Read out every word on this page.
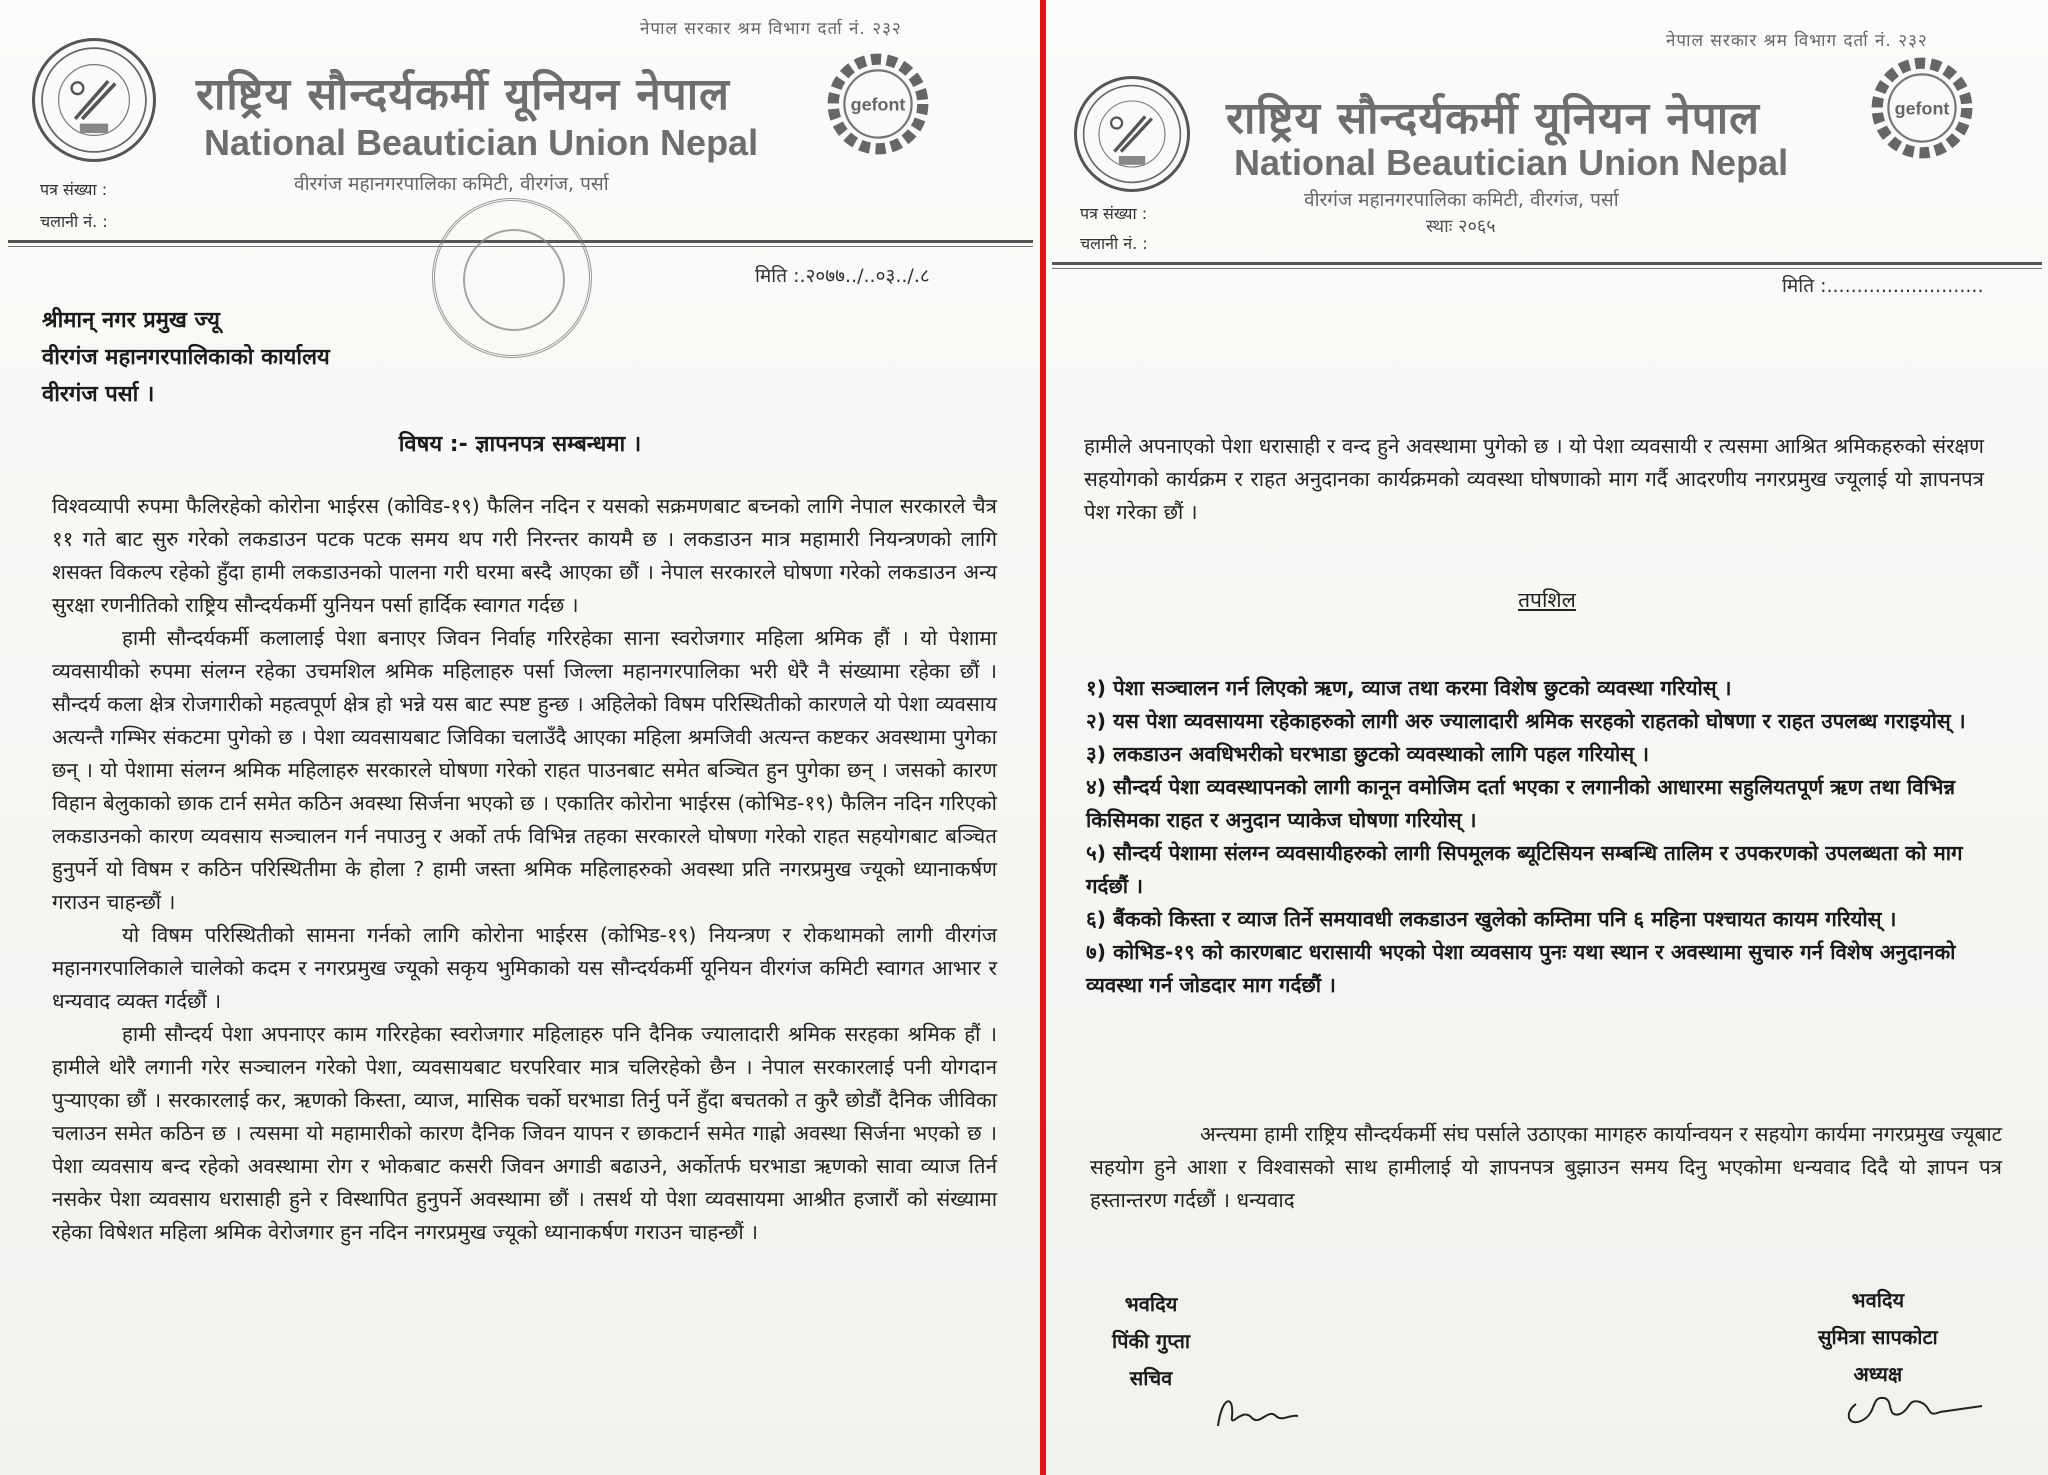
नेपाल सरकार श्रम विभाग दर्ता नं. २३२
राष्ट्रिय सौन्दर्यकर्मी यूनियन नेपाल
National Beautician Union Nepal
वीरगंज महानगरपालिका कमिटी, वीरगंज, पर्सा
gefont
पत्र संख्या :
चलानी नं. :
मिति :.२०७७../..०३../.८
श्रीमान् नगर प्रमुख ज्यू
वीरगंज महानगरपालिकाको कार्यालय
वीरगंज पर्सा ।
विषय :- ज्ञापनपत्र सम्बन्धमा ।

विश्वव्यापी रुपमा फैलिरहेको कोरोना भाईरस (कोविड-१९) फैलिन नदिन र यसको सक्रमणबाट बच्नको लागि नेपाल सरकारले चैत्र ११ गते बाट सुरु गरेको लकडाउन पटक पटक समय थप गरी निरन्तर कायमै छ । लकडाउन मात्र महामारी नियन्त्रणको लागि शसक्त विकल्प रहेको हुँदा हामी लकडाउनको पालना गरी घरमा बस्दै आएका छौं । नेपाल सरकारले घोषणा गरेको लकडाउन अन्य सुरक्षा रणनीतिको राष्ट्रिय सौन्दर्यकर्मी युनियन पर्सा हार्दिक स्वागत गर्दछ ।

हामी सौन्दर्यकर्मी कलालाई पेशा बनाएर जिवन निर्वाह गरिरहेका साना स्वरोजगार महिला श्रमिक हौं । यो पेशामा व्यवसायीको रुपमा संलग्न रहेका उचमशिल श्रमिक महिलाहरु पर्सा जिल्ला महानगरपालिका भरी धेरै नै संख्यामा रहेका छौं । सौन्दर्य कला क्षेत्र रोजगारीको महत्वपूर्ण क्षेत्र हो भन्ने यस बाट स्पष्ट हुन्छ । अहिलेको विषम परिस्थितीको कारणले यो पेशा व्यवसाय अत्यन्तै गम्भिर संकटमा पुगेको छ । पेशा व्यवसायबाट जिविका चलाउँदै आएका महिला श्रमजिवी अत्यन्त कष्टकर अवस्थामा पुगेका छन् । यो पेशामा संलग्न श्रमिक महिलाहरु सरकारले घोषणा गरेको राहत पाउनबाट समेत बञ्चित हुन पुगेका छन् । जसको कारण विहान बेलुकाको छाक टार्न समेत कठिन अवस्था सिर्जना भएको छ । एकातिर कोरोना भाईरस (कोभिड-१९) फैलिन नदिन गरिएको लकडाउनको कारण व्यवसाय सञ्चालन गर्न नपाउनु र अर्को तर्फ विभिन्न तहका सरकारले घोषणा गरेको राहत सहयोगबाट बञ्चित हुनुपर्ने यो विषम र कठिन परिस्थितीमा के होला ? हामी जस्ता श्रमिक महिलाहरुको अवस्था प्रति नगरप्रमुख ज्यूको ध्यानाकर्षण गराउन चाहन्छौं ।

यो विषम परिस्थितीको सामना गर्नको लागि कोरोना भाईरस (कोभिड-१९) नियन्त्रण र रोकथामको लागी वीरगंज महानगरपालिकाले चालेको कदम र नगरप्रमुख ज्यूको सकृय भुमिकाको यस सौन्दर्यकर्मी यूनियन वीरगंज कमिटी स्वागत आभार र धन्यवाद व्यक्त गर्दछौं ।

हामी सौन्दर्य पेशा अपनाएर काम गरिरहेका स्वरोजगार महिलाहरु पनि दैनिक ज्यालादारी श्रमिक सरहका श्रमिक हौं । हामीले थोरै लगानी गरेर सञ्चालन गरेको पेशा, व्यवसायबाट घरपरिवार मात्र चलिरहेको छैन । नेपाल सरकारलाई पनी योगदान पुऱ्याएका छौं । सरकारलाई कर, ऋणको किस्ता, व्याज, मासिक चर्को घरभाडा तिर्नु पर्ने हुँदा बचतको त कुरै छोडौं दैनिक जीविका चलाउन समेत कठिन छ । त्यसमा यो महामारीको कारण दैनिक जिवन यापन र छाकटार्न समेत गाह्रो अवस्था सिर्जना भएको छ । पेशा व्यवसाय बन्द रहेको अवस्थामा रोग र भोकबाट कसरी जिवन अगाडी बढाउने, अर्कोतर्फ घरभाडा ऋणको सावा व्याज तिर्न नसकेर पेशा व्यवसाय धरासाही हुने र विस्थापित हुनुपर्ने अवस्थामा छौं । तसर्थ यो पेशा व्यवसायमा आश्रीत हजारौं को संख्यामा रहेका विषेशत महिला श्रमिक वेरोजगार हुन नदिन नगरप्रमुख ज्यूको ध्यानाकर्षण गराउन चाहन्छौं ।

नेपाल सरकार श्रम विभाग दर्ता नं. २३२
राष्ट्रिय सौन्दर्यकर्मी यूनियन नेपाल
National Beautician Union Nepal
वीरगंज महानगरपालिका कमिटी, वीरगंज, पर्सा
स्थाः २०६५
gefont
पत्र संख्या :
चलानी नं. :
मिति :..........................
हामीले अपनाएको पेशा धरासाही र वन्द हुने अवस्थामा पुगेको छ । यो पेशा व्यवसायी र त्यसमा आश्रित श्रमिकहरुको संरक्षण सहयोगको कार्यक्रम र राहत अनुदानका कार्यक्रमको व्यवस्था घोषणाको माग गर्दै आदरणीय नगरप्रमुख ज्यूलाई यो ज्ञापनपत्र पेश गरेका छौं ।
तपशिल

१) पेशा सञ्चालन गर्न लिएको ऋण, व्याज तथा करमा विशेष छुटको व्यवस्था गरियोस् ।

२) यस पेशा व्यवसायमा रहेकाहरुको लागी अरु ज्यालादारी श्रमिक सरहको राहतको घोषणा र राहत उपलब्ध गराइयोस् ।

३) लकडाउन अवधिभरीको घरभाडा छुटको व्यवस्थाको लागि पहल गरियोस् ।

४) सौन्दर्य पेशा व्यवस्थापनको लागी कानून वमोजिम दर्ता भएका र लगानीको आधारमा सहुलियतपूर्ण ऋण तथा विभिन्न किसिमका राहत र अनुदान प्याकेज घोषणा गरियोस् ।

५) सौन्दर्य पेशामा संलग्न व्यवसायीहरुको लागी सिपमूलक ब्यूटिसियन सम्बन्धि तालिम र उपकरणको उपलब्धता को माग गर्दछौं ।

६) बैंकको किस्ता र व्याज तिर्ने समयावधी लकडाउन खुलेको कम्तिमा पनि ६ महिना पश्चायत कायम गरियोस् ।

७) कोभिड-१९ को कारणबाट धरासायी भएको पेशा व्यवसाय पुनः यथा स्थान र अवस्थामा सुचारु गर्न विशेष अनुदानको व्यवस्था गर्न जोडदार माग गर्दछौं ।

अन्त्यमा हामी राष्ट्रिय सौन्दर्यकर्मी संघ पर्साले उठाएका मागहरु कार्यान्वयन र सहयोग कार्यमा नगरप्रमुख ज्यूबाट सहयोग हुने आशा र विश्वासको साथ हामीलाई यो ज्ञापनपत्र बुझाउन समय दिनु भएकोमा धन्यवाद दिदै यो ज्ञापन पत्र हस्तान्तरण गर्दछौं । धन्यवाद
भवदिय
पिंकी गुप्ता
सचिव
भवदिय
सुमित्रा सापकोटा
अध्यक्ष
